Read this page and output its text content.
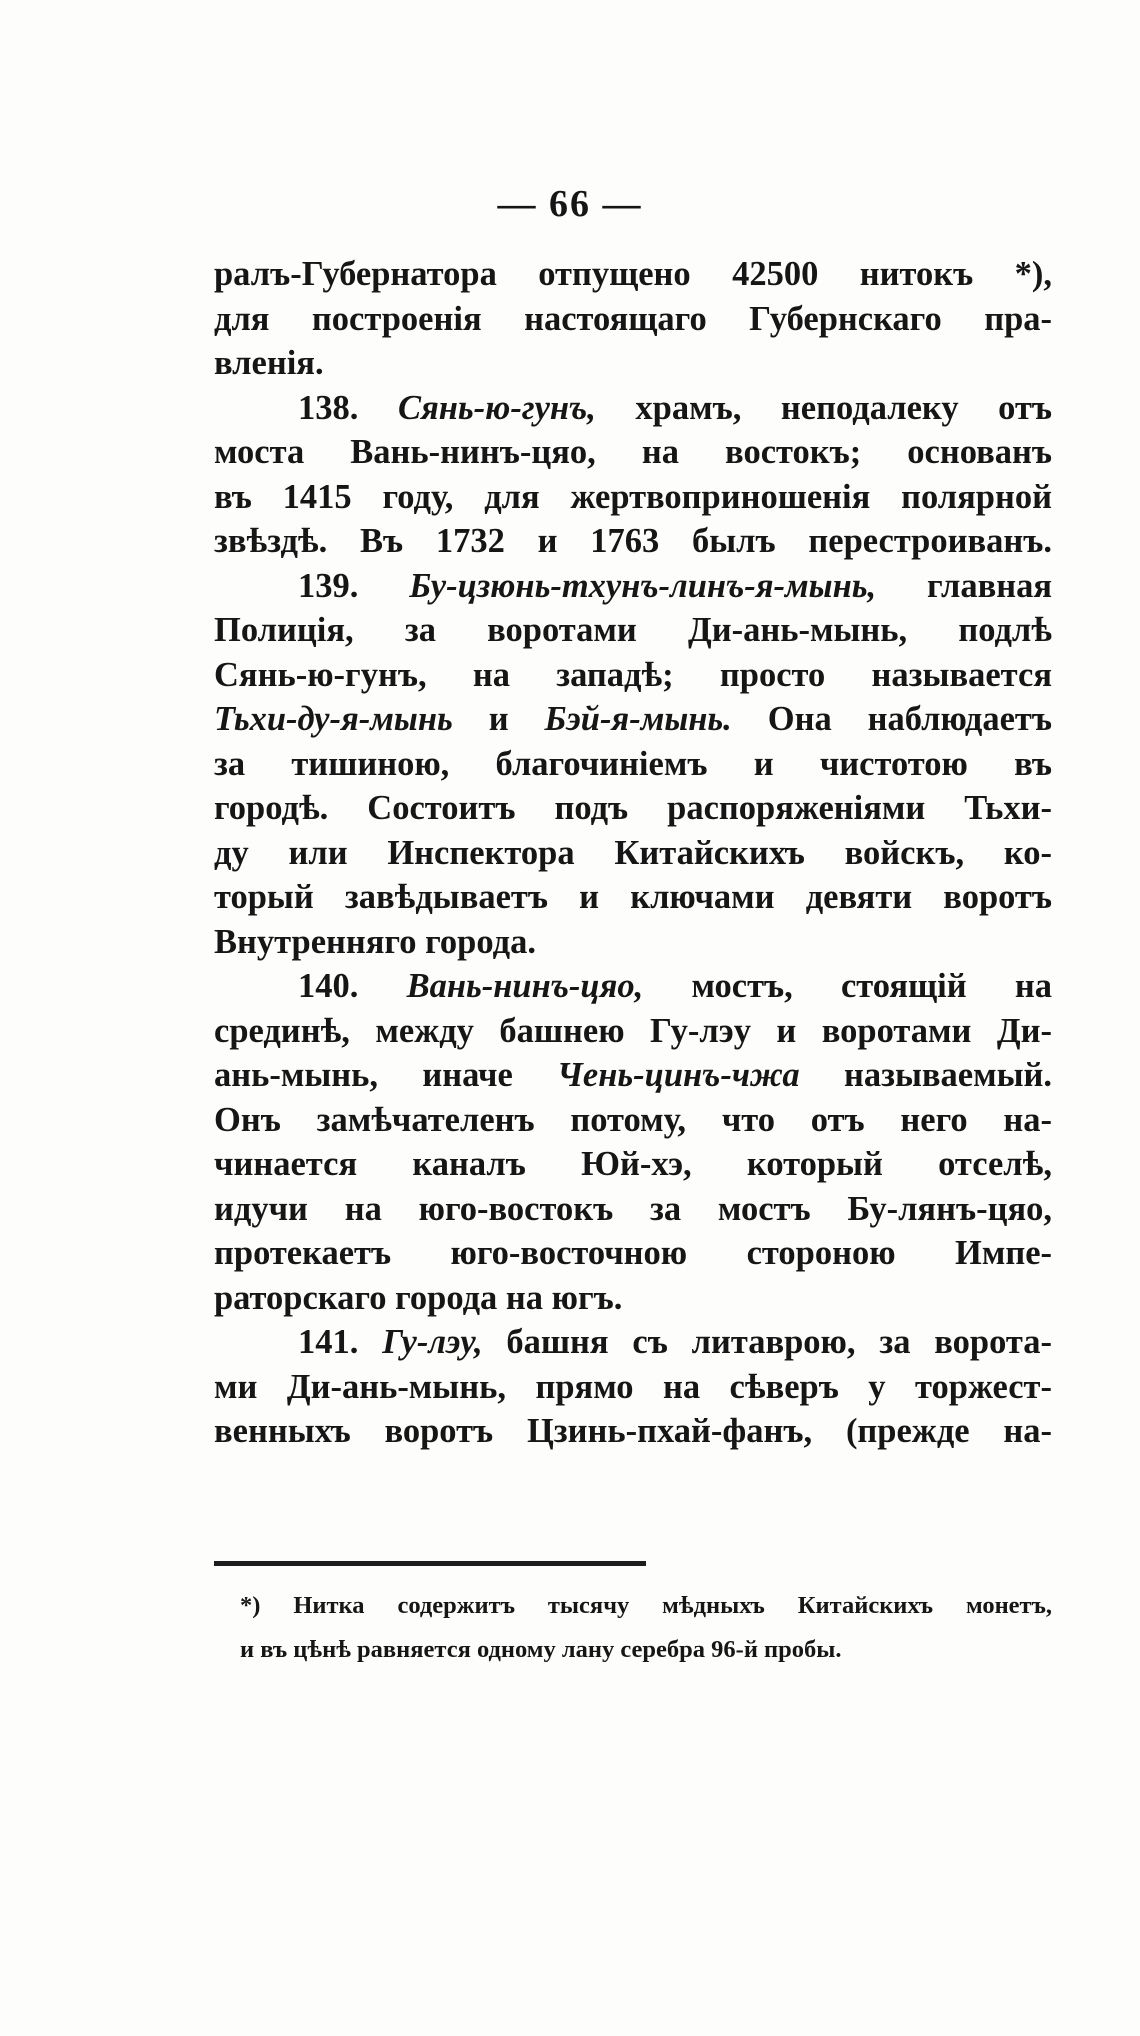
— 66 —
ралъ-Губернатора отпущено 42500 нитокъ *),
для построенія настоящаго Губернскаго пра-
вленія.
138. Сянь-ю-гунъ, храмъ, неподалеку отъ
моста Вань-нинъ-цяо, на востокъ; основанъ
въ 1415 году, для жертвоприношенія полярной
звѣздѣ. Въ 1732 и 1763 былъ перестроиванъ.
139. Бу-цзюнь-тхунъ-линъ-я-мынь, главная
Полиція, за воротами Ди-ань-мынь, подлѣ
Сянь-ю-гунъ, на западѣ; просто называется
Тьхи-ду-я-мынь и Бэй-я-мынь. Она наблюдаетъ
за тишиною, благочиніемъ и чистотою въ
городѣ. Состоитъ подъ распоряженіями Тьхи-
ду или Инспектора Китайскихъ войскъ, ко-
торый завѣдываетъ и ключами девяти воротъ
Внутренняго города.
140. Вань-нинъ-цяо, мостъ, стоящій на
срединѣ, между башнею Гу-лэу и воротами Ди-
ань-мынь, иначе Чень-цинъ-чжа называемый.
Онъ замѣчателенъ потому, что отъ него на-
чинается каналъ Юй-хэ, который отселѣ,
идучи на юго-востокъ за мостъ Бу-лянъ-цяо,
протекаетъ юго-восточною стороною Импе-
раторскаго города на югъ.
141. Гу-лэу, башня съ литаврою, за ворота-
ми Ди-ань-мынь, прямо на сѣверъ у торжест-
венныхъ воротъ Цзинь-пхай-фанъ, (прежде на-
*) Нитка содержитъ тысячу мѣдныхъ Китайскихъ монетъ,
и въ цѣнѣ равняется одному лану серебра 96-й пробы.
